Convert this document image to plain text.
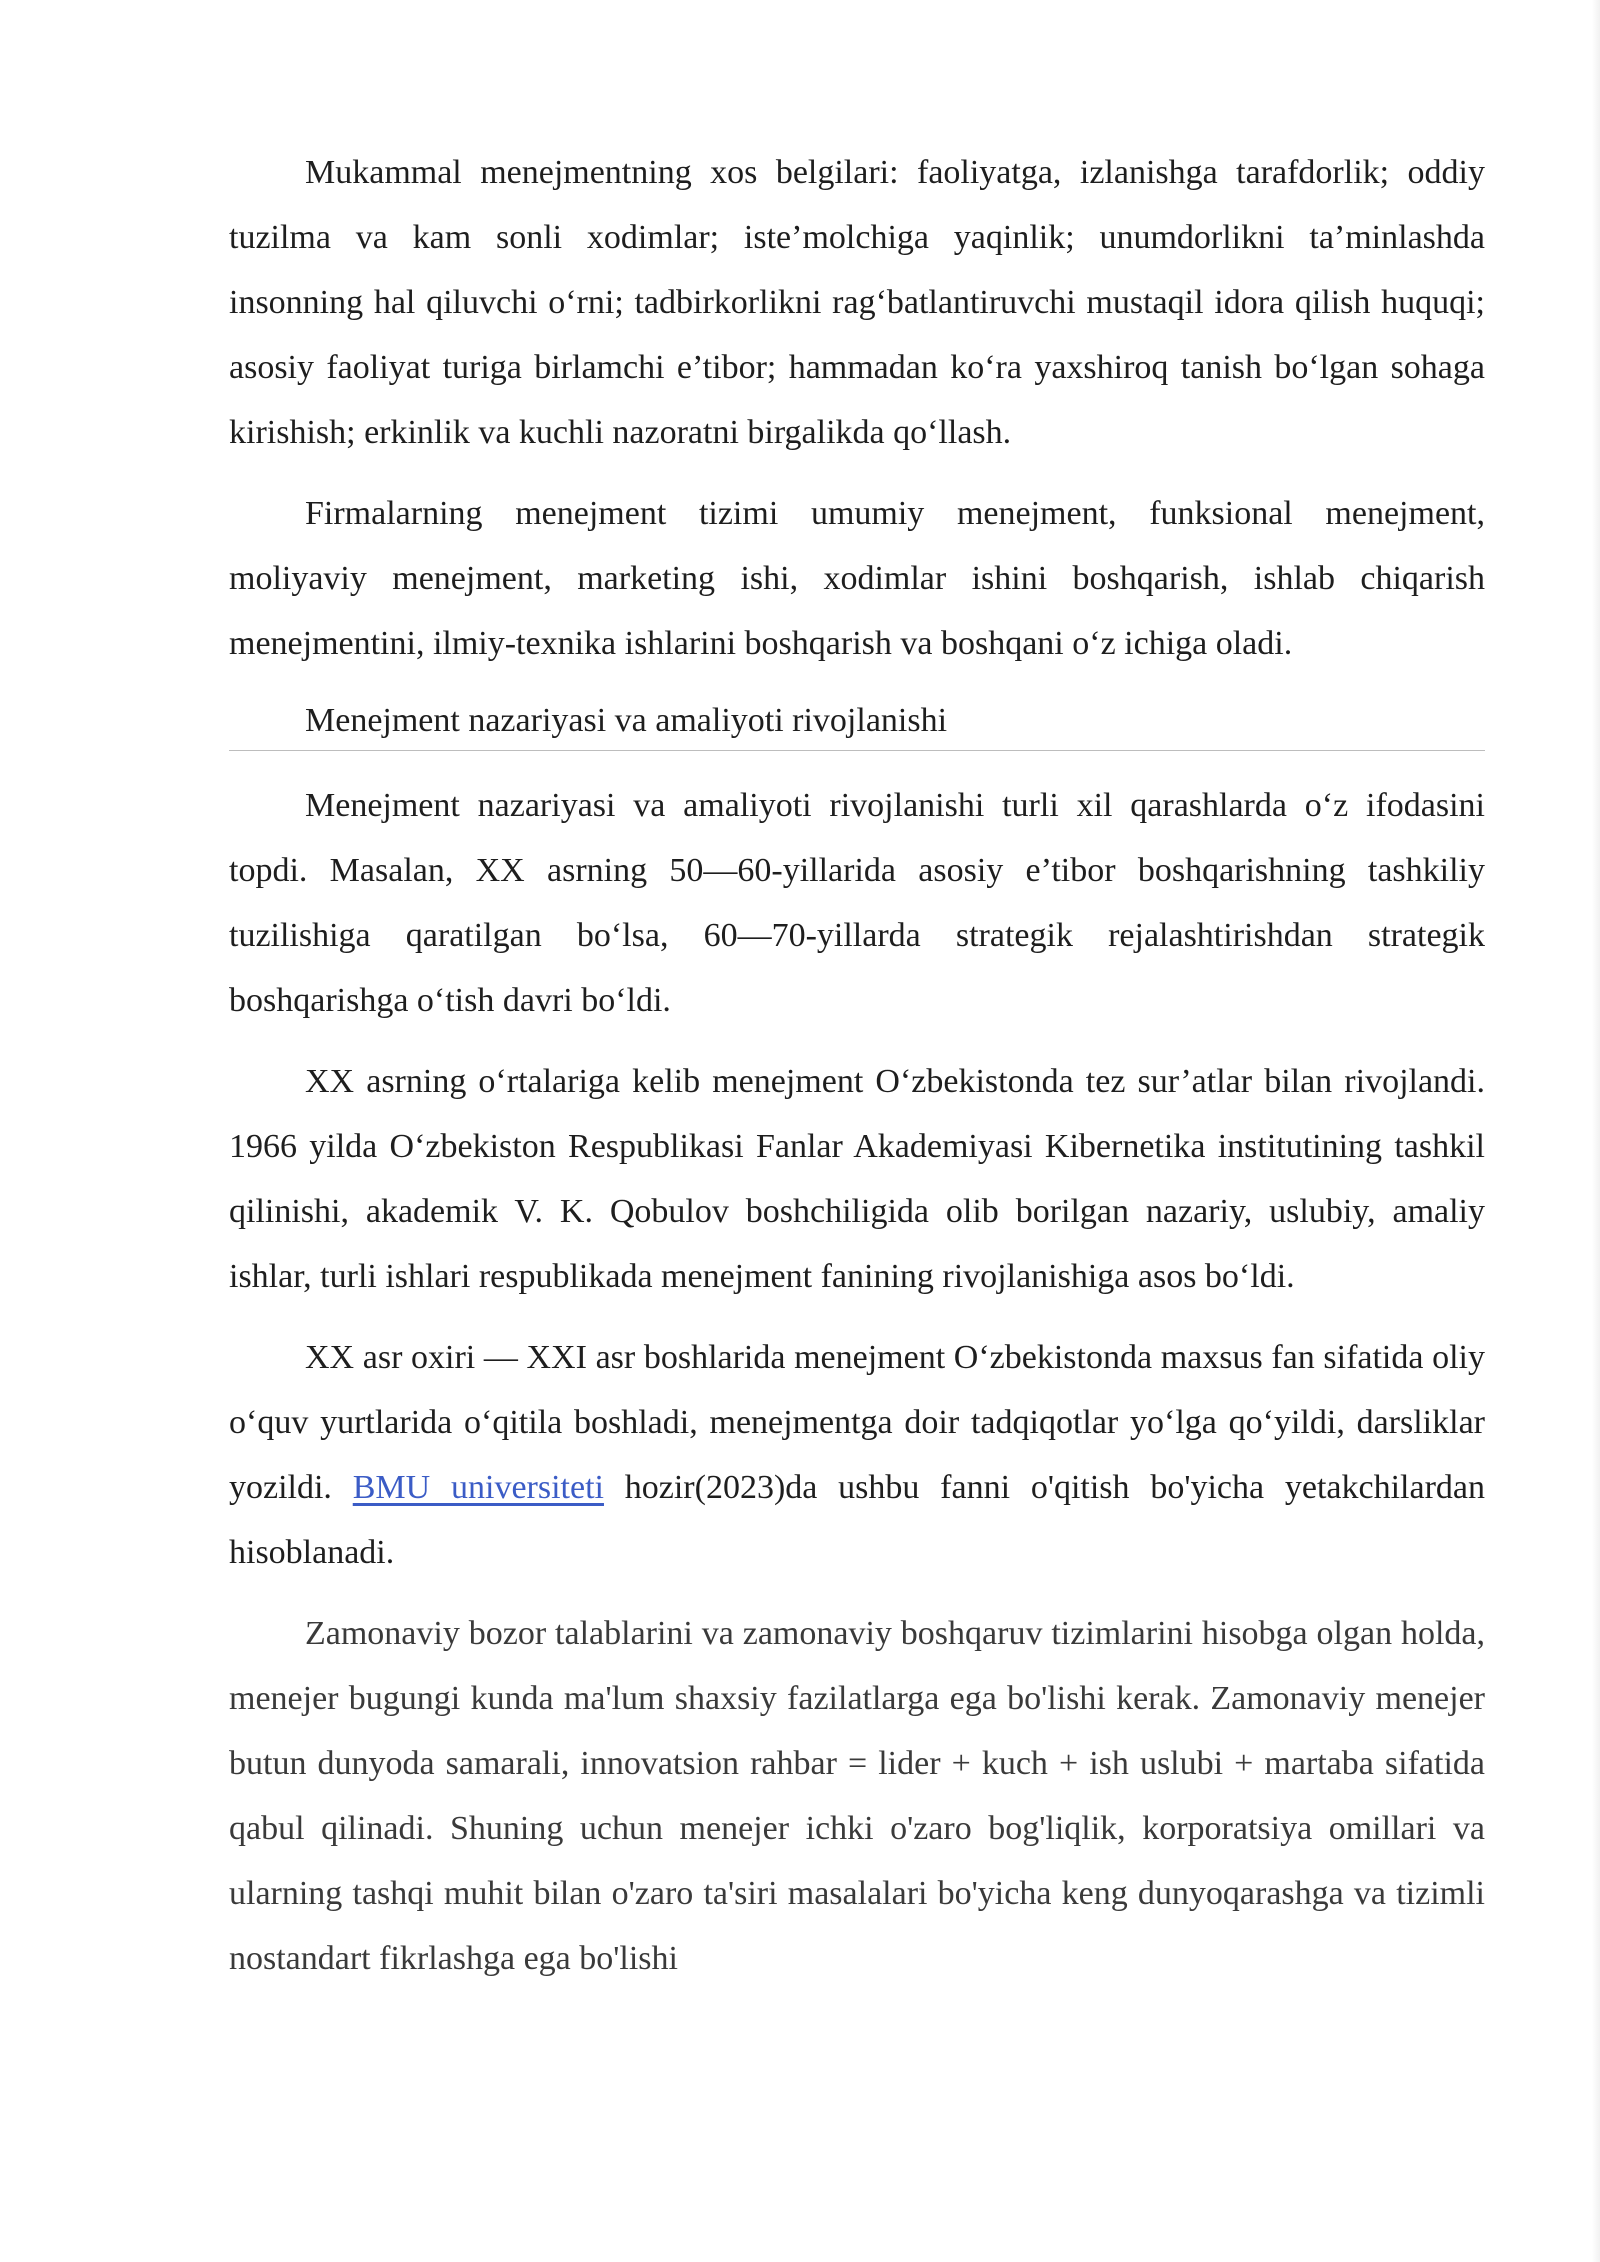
Mukammal menejmentning xos belgilari: faoliyatga, izlanishga tarafdorlik; oddiy tuzilma va kam sonli xodimlar; iste’molchiga yaqinlik; unumdorlikni ta’minlashda insonning hal qiluvchi oʻrni; tadbirkorlikni ragʻbatlantiruvchi mustaqil idora qilish huquqi; asosiy faoliyat turiga birlamchi e’tibor; hammadan koʻra yaxshiroq tanish boʻlgan sohaga kirishish; erkinlik va kuchli nazoratni birgalikda qoʻllash.

Firmalarning menejment tizimi umumiy menejment, funksional menejment, moliyaviy menejment, marketing ishi, xodimlar ishini boshqarish, ishlab chiqarish menejmentini, ilmiy-texnika ishlarini boshqarish va boshqani oʻz ichiga oladi.

Menejment nazariyasi va amaliyoti rivojlanishi

Menejment nazariyasi va amaliyoti rivojlanishi turli xil qarashlarda oʻz ifodasini topdi. Masalan, XX asrning 50—60-yillarida asosiy e’tibor boshqarishning tashkiliy tuzilishiga qaratilgan boʻlsa, 60—70-yillarda strategik rejalashtirishdan strategik boshqarishga oʻtish davri boʻldi.

XX asrning oʻrtalariga kelib menejment Oʻzbekistonda tez sur’atlar bilan rivojlandi. 1966 yilda Oʻzbekiston Respublikasi Fanlar Akademiyasi Kibernetika institutining tashkil qilinishi, akademik V. K. Qobulov boshchiligida olib borilgan nazariy, uslubiy, amaliy ishlar, turli ishlari respublikada menejment fanining rivojlanishiga asos boʻldi.

XX asr oxiri — XXI asr boshlarida menejment Oʻzbekistonda maxsus fan sifatida oliy oʻquv yurtlarida oʻqitila boshladi, menejmentga doir tadqiqotlar yoʻlga qoʻyildi, darsliklar yozildi. BMU universiteti hozir(2023)da ushbu fanni o'qitish bo'yicha yetakchilardan hisoblanadi.

Zamonaviy bozor talablarini va zamonaviy boshqaruv tizimlarini hisobga olgan holda, menejer bugungi kunda ma'lum shaxsiy fazilatlarga ega bo'lishi kerak. Zamonaviy menejer butun dunyoda samarali, innovatsion rahbar = lider + kuch + ish uslubi + martaba sifatida qabul qilinadi. Shuning uchun menejer ichki o'zaro bog'liqlik, korporatsiya omillari va ularning tashqi muhit bilan o'zaro ta'siri masalalari bo'yicha keng dunyoqarashga va tizimli nostandart fikrlashga ega bo'lishi
